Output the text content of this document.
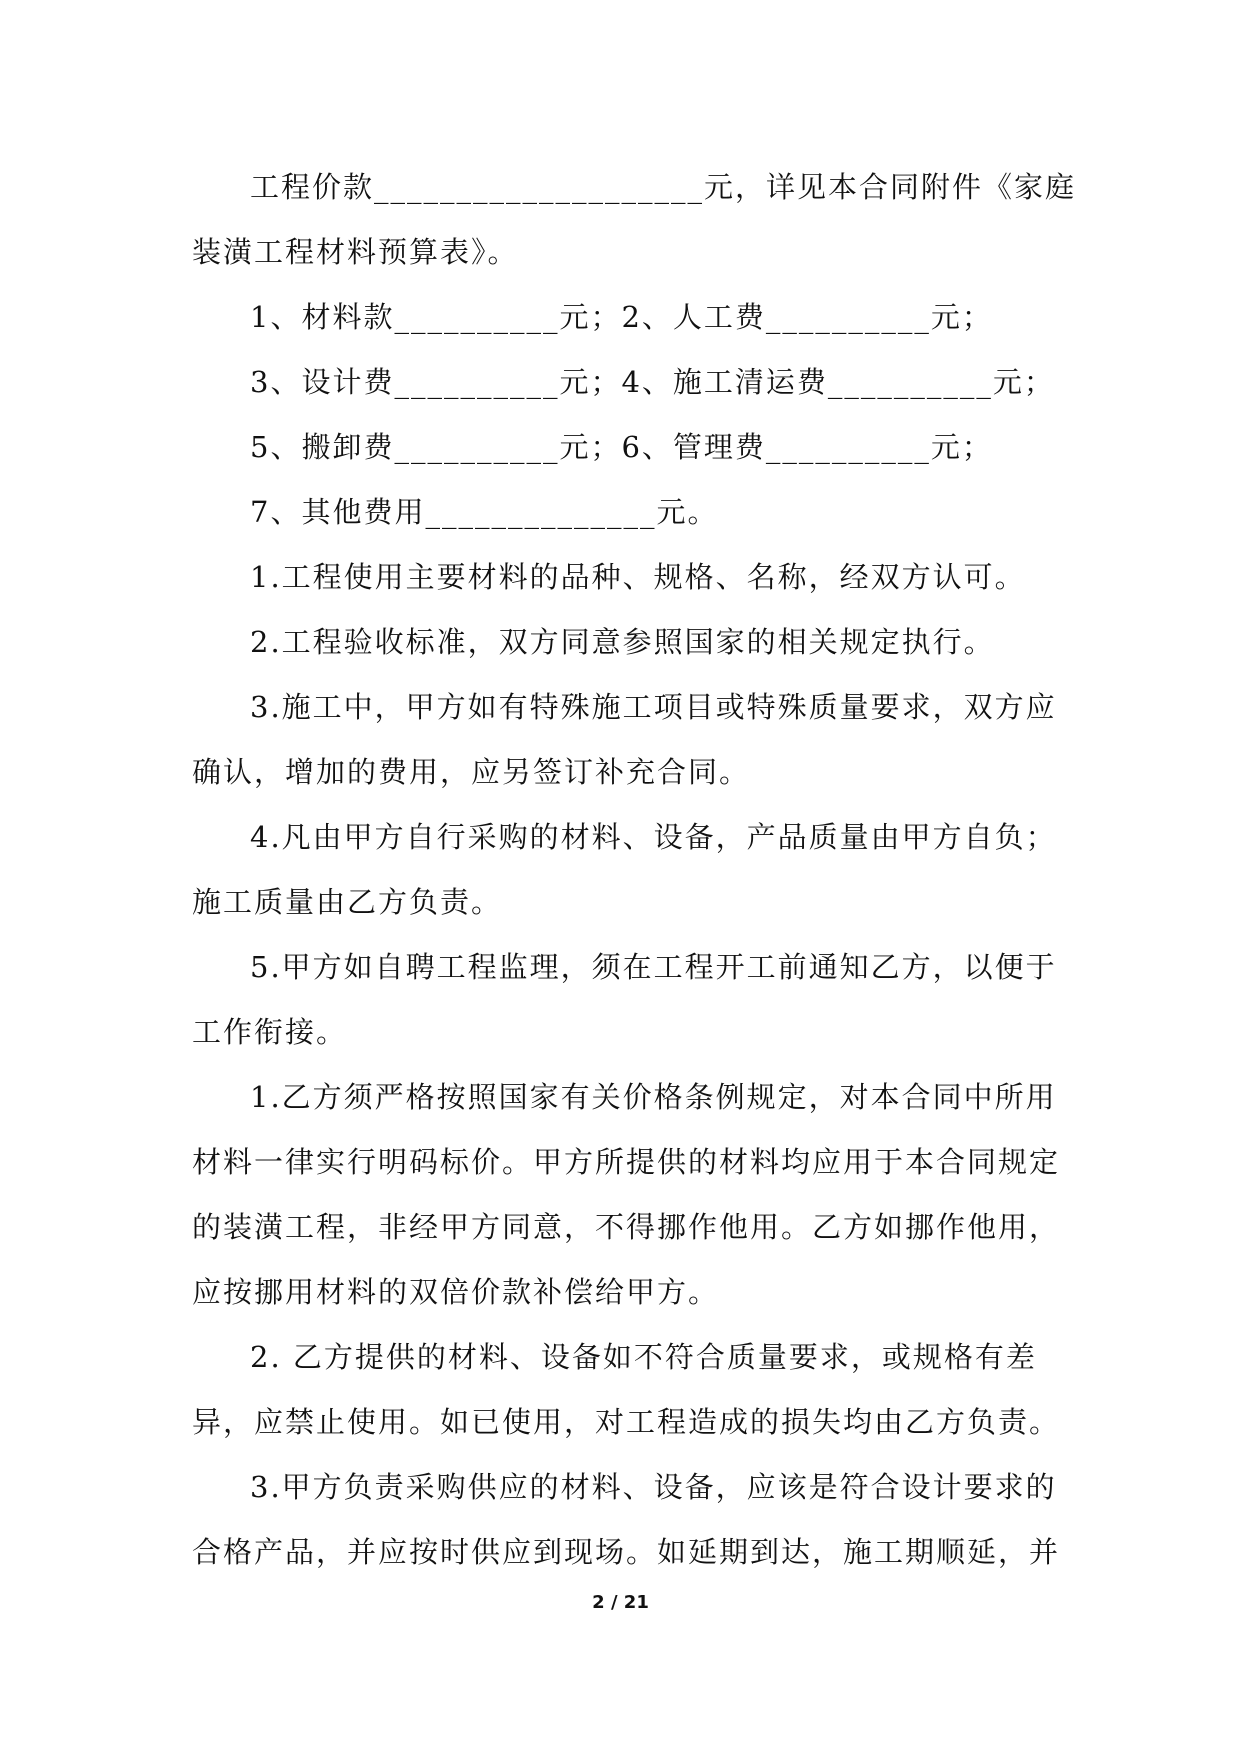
工程价款____________________元，详见本合同附件《家庭
装潢工程材料预算表》。
1、材料款__________元；2、人工费__________元；
3、设计费__________元；4、施工清运费__________元；
5、搬卸费__________元；6、管理费__________元；
7、其他费用______________元。
1.工程使用主要材料的品种、规格、名称，经双方认可。
2.工程验收标准，双方同意参照国家的相关规定执行。
3.施工中，甲方如有特殊施工项目或特殊质量要求，双方应
确认，增加的费用，应另签订补充合同。
4.凡由甲方自行采购的材料、设备，产品质量由甲方自负；
施工质量由乙方负责。
5.甲方如自聘工程监理，须在工程开工前通知乙方，以便于
工作衔接。
1.乙方须严格按照国家有关价格条例规定，对本合同中所用
材料一律实行明码标价。甲方所提供的材料均应用于本合同规定
的装潢工程，非经甲方同意，不得挪作他用。乙方如挪作他用，
应按挪用材料的双倍价款补偿给甲方。
2. 乙方提供的材料、设备如不符合质量要求，或规格有差
异，应禁止使用。如已使用，对工程造成的损失均由乙方负责。
3.甲方负责采购供应的材料、设备，应该是符合设计要求的
合格产品，并应按时供应到现场。如延期到达，施工期顺延，并
2 / 21
